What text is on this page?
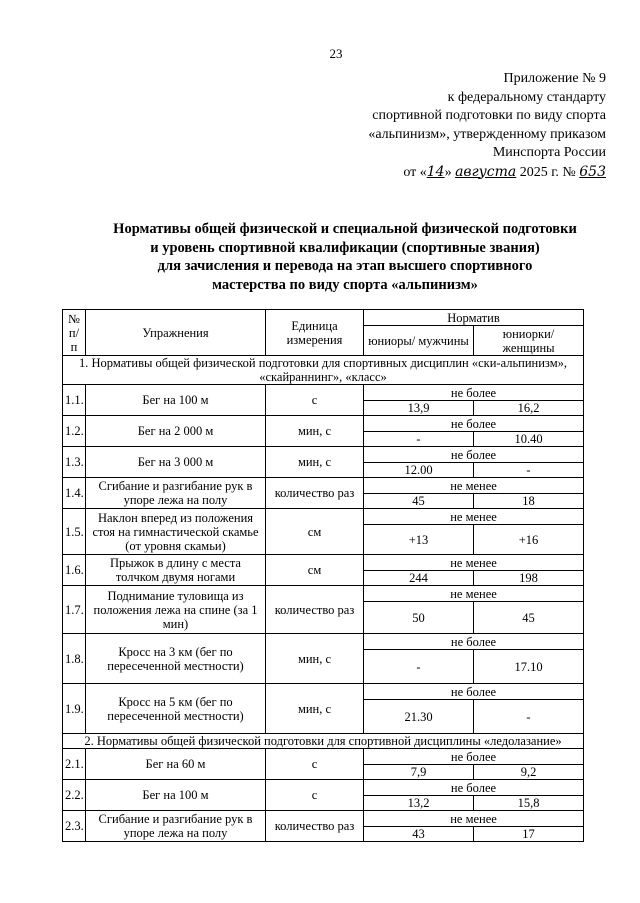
23
Приложение № 9
к федеральному стандарту
спортивной подготовки по виду спорта
«альпинизм», утвержденному приказом
Минспорта России
от «14» августа 2025 г. № 653
Нормативы общей физической и специальной физической подготовки
и уровень спортивной квалификации (спортивные звания)
для зачисления и перевода на этап высшего спортивного
мастерства по виду спорта «альпинизм»
№ п/п	Упражнения	Единица измерения	Норматив	
			юниоры/ мужчины	юниорки/ женщины
1. Нормативы общей физической подготовки для спортивных дисциплин «ски-альпинизм», «скайраннинг», «класс»				
1.1.	Бег на 100 м	с	не более	
			13,9	16,2
1.2.	Бег на 2 000 м	мин, с	не более	
			-	10.40
1.3.	Бег на 3 000 м	мин, с	не более	
			12.00	-
1.4.	Сгибание и разгибание рук в упоре лежа на полу	количество раз	не менее	
			45	18
1.5.	Наклон вперед из положения стоя на гимнастической скамье (от уровня скамьи)	см	не менее	
			+13	+16
1.6.	Прыжок в длину с места толчком двумя ногами	см	не менее	
			244	198
1.7.	Поднимание туловища из положения лежа на спине (за 1 мин)	количество раз	не менее	
			50	45
1.8.	Кросс на 3 км (бег по пересеченной местности)	мин, с	не более	
			-	17.10
1.9.	Кросс на 5 км (бег по пересеченной местности)	мин, с	не более	
			21.30	-
2. Нормативы общей физической подготовки для спортивной дисциплины «ледолазание»				
2.1.	Бег на 60 м	с	не более	
			7,9	9,2
2.2.	Бег на 100 м	с	не более	
			13,2	15,8
2.3.	Сгибание и разгибание рук в упоре лежа на полу	количество раз	не менее	
			43	17
